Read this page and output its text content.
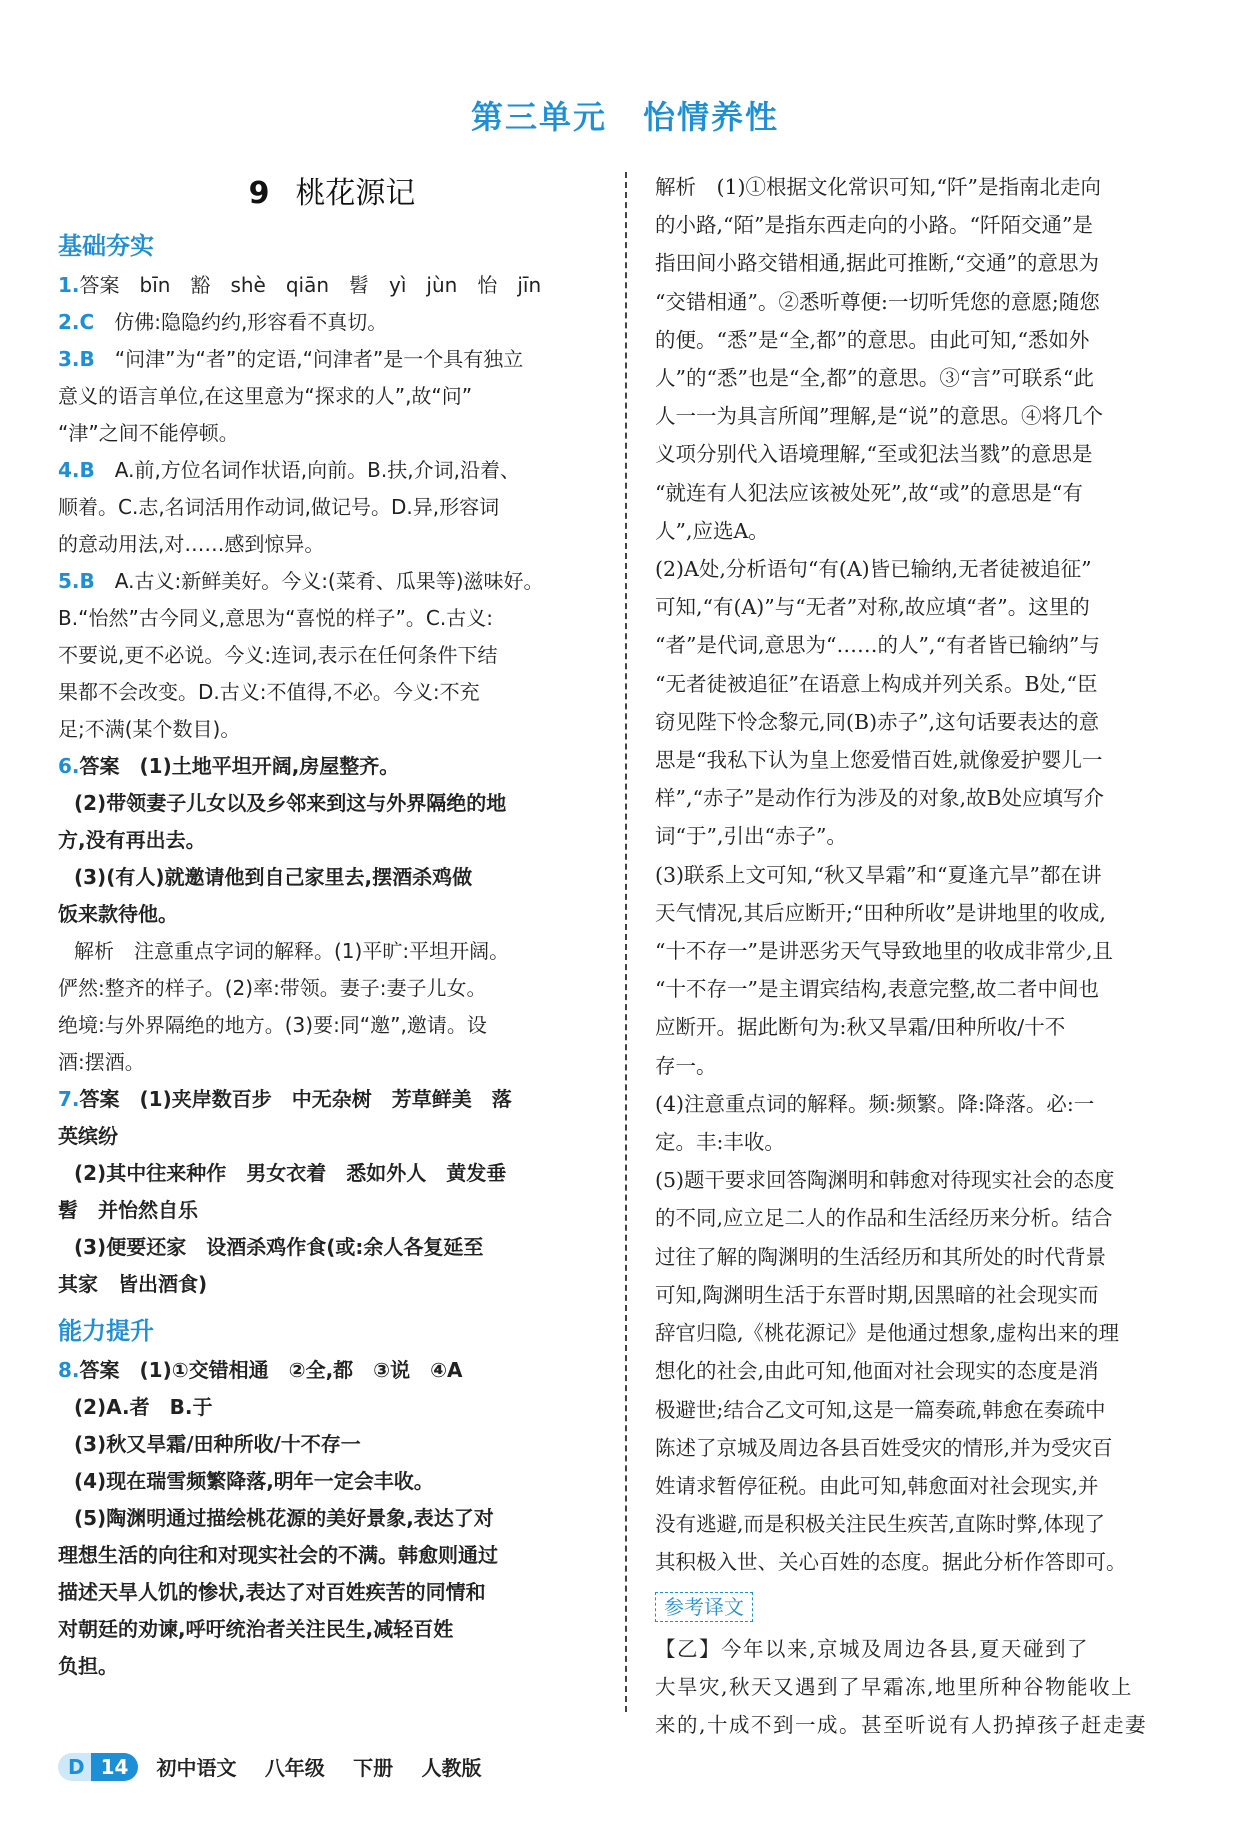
第三单元 怡情养性
9 桃花源记
基础夯实

1.答案　bīn　豁　shè　qiān　髫　yì　jùn　怡　jīn

2.C　仿佛:隐隐约约,形容看不真切。

3.B　“问津”为“者”的定语,“问津者”是一个具有独立

意义的语言单位,在这里意为“探求的人”,故“问”

“津”之间不能停顿。

4.B　A.前,方位名词作状语,向前。B.扶,介词,沿着、

顺着。C.志,名词活用作动词,做记号。D.异,形容词

的意动用法,对……感到惊异。

5.B　A.古义:新鲜美好。今义:(菜肴、瓜果等)滋味好。

B.“怡然”古今同义,意思为“喜悦的样子”。C.古义:

不要说,更不必说。今义:连词,表示在任何条件下结

果都不会改变。D.古义:不值得,不必。今义:不充

足;不满(某个数目)。

6.答案　(1)土地平坦开阔,房屋整齐。

(2)带领妻子儿女以及乡邻来到这与外界隔绝的地

方,没有再出去。

(3)(有人)就邀请他到自己家里去,摆酒杀鸡做

饭来款待他。

解析　注意重点字词的解释。(1)平旷:平坦开阔。

俨然:整齐的样子。(2)率:带领。妻子:妻子儿女。

绝境:与外界隔绝的地方。(3)要:同“邀”,邀请。设

酒:摆酒。

7.答案　(1)夹岸数百步　中无杂树　芳草鲜美　落

英缤纷

(2)其中往来种作　男女衣着　悉如外人　黄发垂

髫　并怡然自乐

(3)便要还家　设酒杀鸡作食(或:余人各复延至

其家　皆出酒食)

能力提升

8.答案　(1)①交错相通　②全,都　③说　④A

(2)A.者　B.于

(3)秋又旱霜/田种所收/十不存一

(4)现在瑞雪频繁降落,明年一定会丰收。

(5)陶渊明通过描绘桃花源的美好景象,表达了对

理想生活的向往和对现实社会的不满。韩愈则通过

描述天旱人饥的惨状,表达了对百姓疾苦的同情和

对朝廷的劝谏,呼吁统治者关注民生,减轻百姓

负担。

解析　(1)①根据文化常识可知,“阡”是指南北走向

的小路,“陌”是指东西走向的小路。“阡陌交通”是

指田间小路交错相通,据此可推断,“交通”的意思为

“交错相通”。②悉听尊便:一切听凭您的意愿;随您

的便。“悉”是“全,都”的意思。由此可知,“悉如外

人”的“悉”也是“全,都”的意思。③“言”可联系“此

人一一为具言所闻”理解,是“说”的意思。④将几个

义项分别代入语境理解,“至或犯法当戮”的意思是

“就连有人犯法应该被处死”,故“或”的意思是“有

人”,应选A。

(2)A处,分析语句“有(A)皆已输纳,无者徒被追征”

可知,“有(A)”与“无者”对称,故应填“者”。这里的

“者”是代词,意思为“……的人”,“有者皆已输纳”与

“无者徒被追征”在语意上构成并列关系。B处,“臣

窃见陛下怜念黎元,同(B)赤子”,这句话要表达的意

思是“我私下认为皇上您爱惜百姓,就像爱护婴儿一

样”,“赤子”是动作行为涉及的对象,故B处应填写介

词“于”,引出“赤子”。

(3)联系上文可知,“秋又旱霜”和“夏逢亢旱”都在讲

天气情况,其后应断开;“田种所收”是讲地里的收成,

“十不存一”是讲恶劣天气导致地里的收成非常少,且

“十不存一”是主谓宾结构,表意完整,故二者中间也

应断开。据此断句为:秋又旱霜/田种所收/十不

存一。

(4)注意重点词的解释。频:频繁。降:降落。必:一

定。丰:丰收。

(5)题干要求回答陶渊明和韩愈对待现实社会的态度

的不同,应立足二人的作品和生活经历来分析。结合

过往了解的陶渊明的生活经历和其所处的时代背景

可知,陶渊明生活于东晋时期,因黑暗的社会现实而

辞官归隐,《桃花源记》是他通过想象,虚构出来的理

想化的社会,由此可知,他面对社会现实的态度是消

极避世;结合乙文可知,这是一篇奏疏,韩愈在奏疏中

陈述了京城及周边各县百姓受灾的情形,并为受灾百

姓请求暂停征税。由此可知,韩愈面对社会现实,并

没有逃避,而是积极关注民生疾苦,直陈时弊,体现了

其积极入世、关心百姓的态度。据此分析作答即可。

参考译文

【乙】今年以来,京城及周边各县,夏天碰到了

大旱灾,秋天又遇到了早霜冻,地里所种谷物能收上

来的,十成不到一成。甚至听说有人扔掉孩子赶走妻

D 14	初中语文 八年级 下册 人教版
